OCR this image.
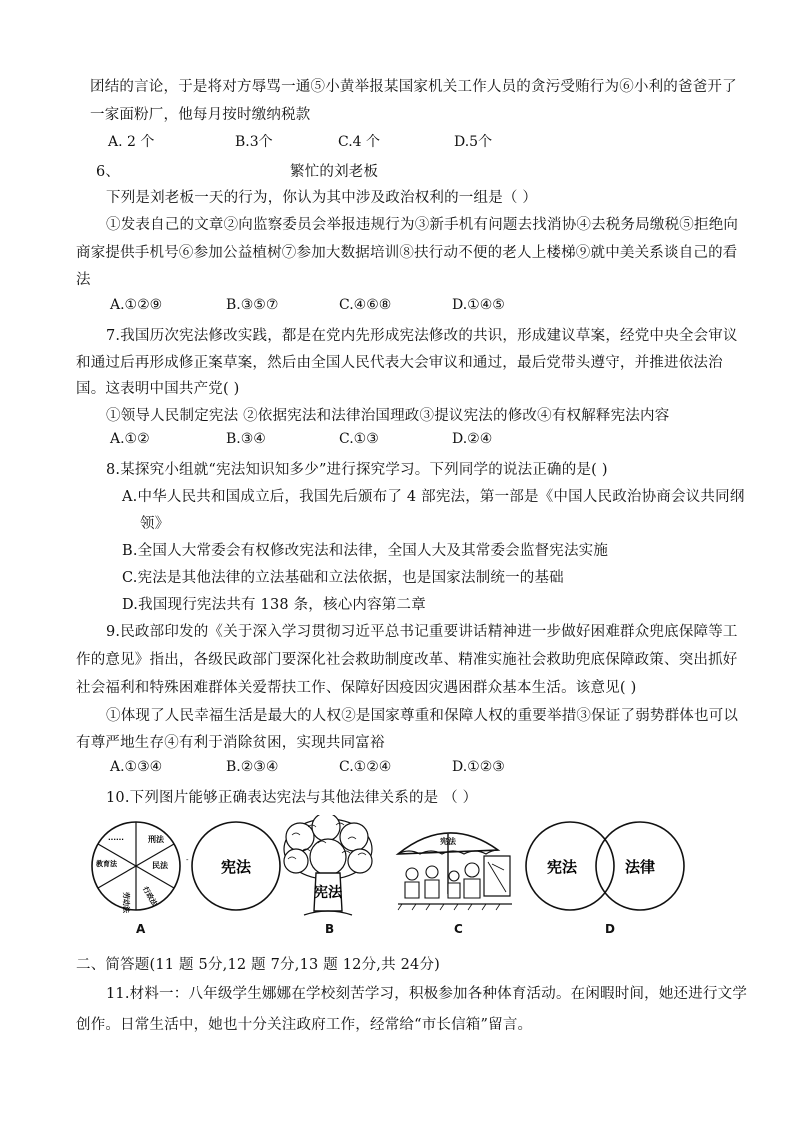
团结的言论，于是将对方辱骂一通⑤小黄举报某国家机关工作人员的贪污受贿行为⑥小利的爸爸开了
一家面粉厂，他每月按时缴纳税款
A. 2 个	B.3个	C.4 个	D.5个
6、	繁忙的刘老板
下列是刘老板一天的行为，你认为其中涉及政治权利的一组是（ ）
①发表自己的文章②向监察委员会举报违规行为③新手机有问题去找消协④去税务局缴税⑤拒绝向
商家提供手机号⑥参加公益植树⑦参加大数据培训⑧扶行动不便的老人上楼梯⑨就中美关系谈自己的看
法
A.①②⑨	B.③⑤⑦	C.④⑥⑧	D.①④⑤
7.我国历次宪法修改实践，都是在党内先形成宪法修改的共识，形成建议草案，经党中央全会审议
和通过后再形成修正案草案，然后由全国人民代表大会审议和通过，最后党带头遵守，并推进依法治
国。这表明中国共产党( )
①领导人民制定宪法 ②依据宪法和法律治国理政③提议宪法的修改④有权解释宪法内容
A.①②	B.③④	C.①③	D.②④
8.某探究小组就“宪法知识知多少”进行探究学习。下列同学的说法正确的是( )
A.中华人民共和国成立后，我国先后颁布了 4 部宪法，第一部是《中国人民政治协商会议共同纲
领》
B.全国人大常委会有权修改宪法和法律，全国人大及其常委会监督宪法实施
C.宪法是其他法律的立法基础和立法依据，也是国家法制统一的基础
D.我国现行宪法共有 138 条，核心内容第二章
9.民政部印发的《关于深入学习贯彻习近平总书记重要讲话精神进一步做好困难群众兜底保障等工
作的意见》指出，各级民政部门要深化社会救助制度改革、精准实施社会救助兜底保障政策、突出抓好
社会福利和特殊困难群体关爱帮扶工作、保障好因疫因灾遇困群众基本生活。该意见( )
①体现了人民幸福生活是最大的人权②是国家尊重和保障人权的重要举措③保证了弱势群体也可以
有尊严地生存④有利于消除贫困，实现共同富裕
A.①③④	B.②③④	C.①②④	D.①②③
10.下列图片能够正确表达宪法与其他法律关系的是 （ ）
刑法
民法
行政法
劳动法
教育法
......
- 宪法
A
宪法
B
宪法
C
宪法	法律
D
二、简答题(11 题 5分,12 题 7分,13 题 12分,共 24分)
11.材料一：八年级学生娜娜在学校刻苦学习，积极参加各种体育活动。在闲暇时间，她还进行文学
创作。日常生活中，她也十分关注政府工作，经常给“市长信箱”留言。
